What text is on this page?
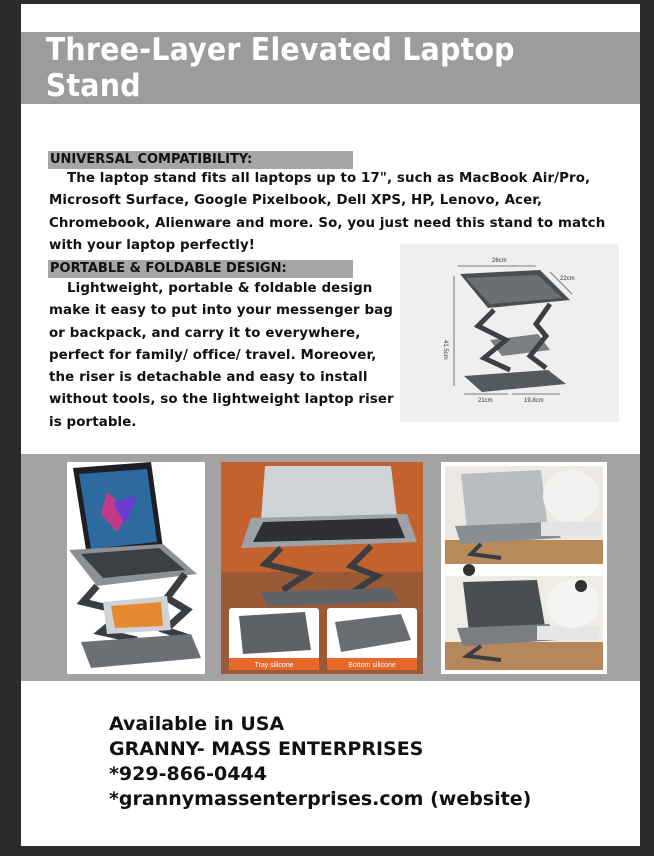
Three-Layer Elevated Laptop Stand
UNIVERSAL COMPATIBILITY:

The laptop stand fits all laptops up to 17", such as MacBook Air/Pro, Microsoft Surface, Google Pixelbook, Dell XPS, HP, Lenovo, Acer, Chromebook, Alienware and more. So, you just need this stand to match with your laptop perfectly!

PORTABLE & FOLDABLE DESIGN:

Lightweight, portable & foldable design make it easy to put into your messenger bag or backpack, and carry it to everywhere, perfect for family/ office/ travel. Moreover, the riser is detachable and easy to install without tools, so the lightweight laptop riser is portable.

26cm
22cm
41.5cm
21cm	19.8cm
Tray silicone	Bottom silicone

Available in USA

GRANNY- MASS ENTERPRISES

*929-866-0444

*grannymassenterprises.com (website)
